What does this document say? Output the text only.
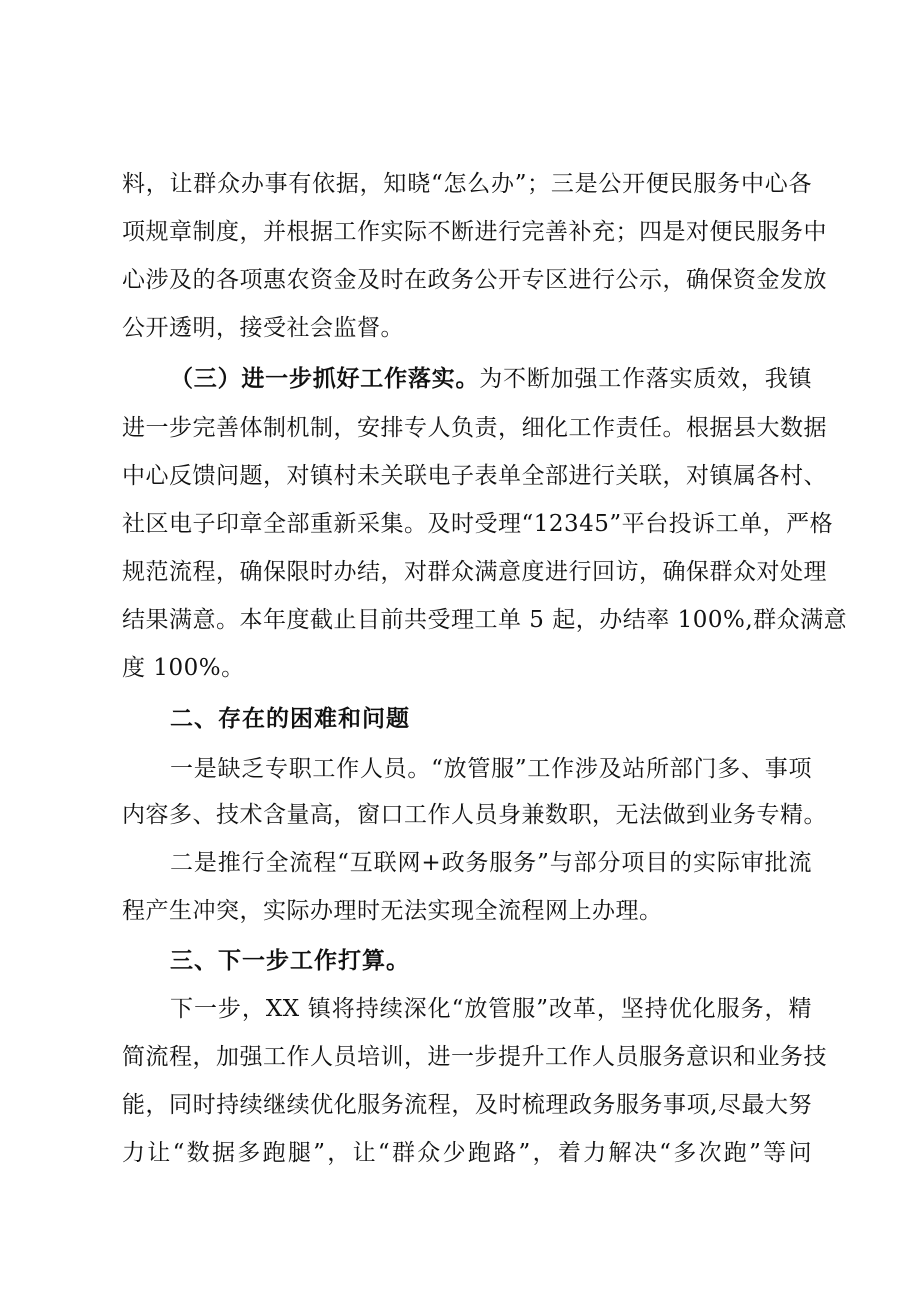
料，让群众办事有依据，知晓“怎么办”；三是公开便民服务中心各
项规章制度，并根据工作实际不断进行完善补充；四是对便民服务中
心涉及的各项惠农资金及时在政务公开专区进行公示，确保资金发放
公开透明，接受社会监督。
（三）进一步抓好工作落实。为不断加强工作落实质效，我镇
进一步完善体制机制，安排专人负责，细化工作责任。根据县大数据
中心反馈问题，对镇村未关联电子表单全部进行关联，对镇属各村、
社区电子印章全部重新采集。及时受理“12345”平台投诉工单，严格
规范流程，确保限时办结，对群众满意度进行回访，确保群众对处理
结果满意。本年度截止目前共受理工单 5 起，办结率 100%,群众满意
度 100%。
二、存在的困难和问题
一是缺乏专职工作人员。“放管服”工作涉及站所部门多、事项
内容多、技术含量高，窗口工作人员身兼数职，无法做到业务专精。
二是推行全流程“互联网+政务服务”与部分项目的实际审批流
程产生冲突，实际办理时无法实现全流程网上办理。
三、下一步工作打算。
下一步，XX 镇将持续深化“放管服”改革，坚持优化服务，精
简流程，加强工作人员培训，进一步提升工作人员服务意识和业务技
能，同时持续继续优化服务流程，及时梳理政务服务事项,尽最大努
力让“数据多跑腿”，让“群众少跑路”，着力解决“多次跑”等问
